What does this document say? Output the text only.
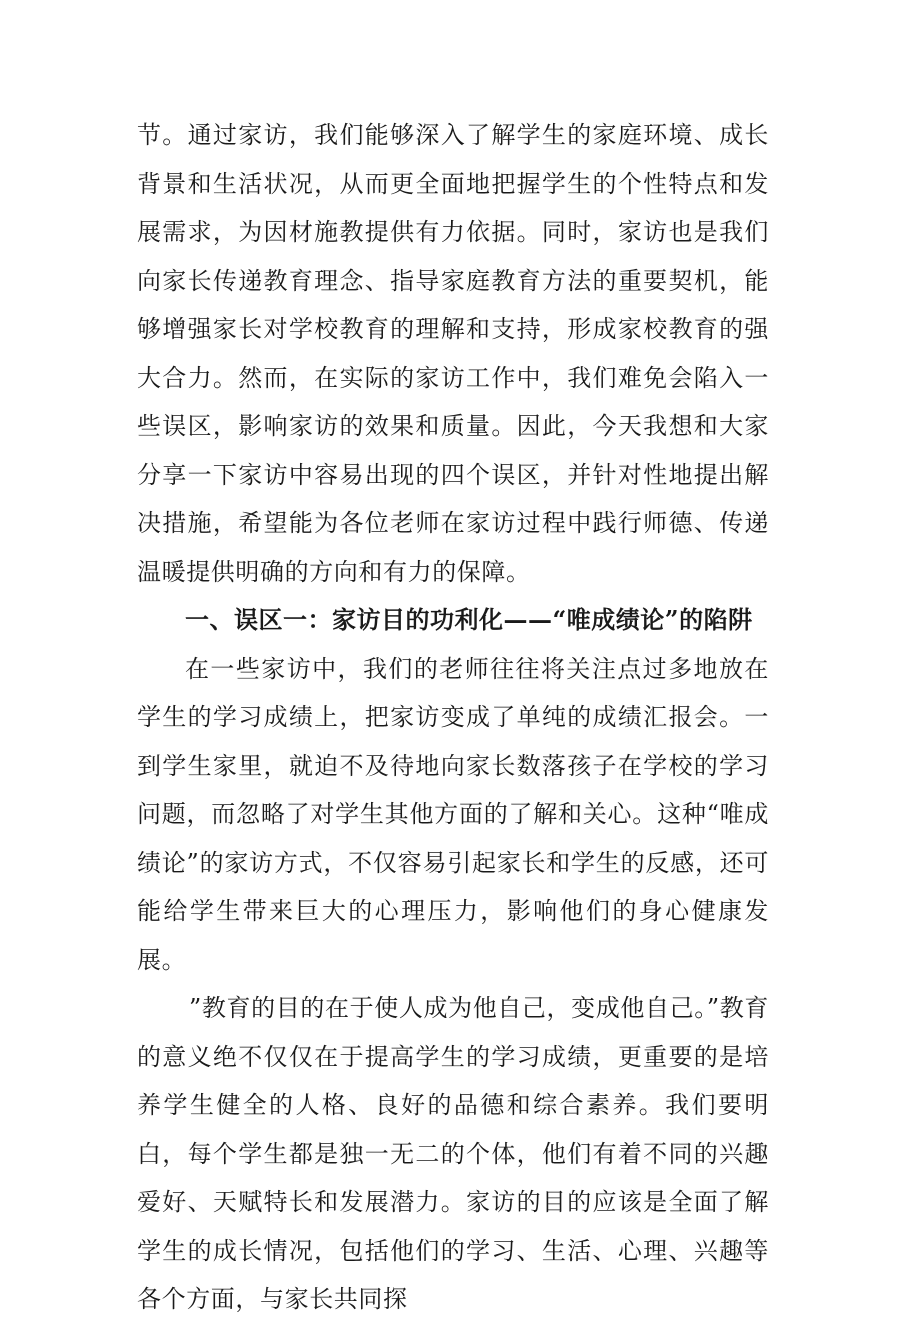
节。通过家访，我们能够深入了解学生的家庭环境、成长背景和生活状况，从而更全面地把握学生的个性特点和发展需求，为因材施教提供有力依据。同时，家访也是我们向家长传递教育理念、指导家庭教育方法的重要契机，能够增强家长对学校教育的理解和支持，形成家校教育的强大合力。然而，在实际的家访工作中，我们难免会陷入一些误区，影响家访的效果和质量。因此，今天我想和大家分享一下家访中容易出现的四个误区，并针对性地提出解决措施，希望能为各位老师在家访过程中践行师德、传递温暖提供明确的方向和有力的保障。

一、误区一：家访目的功利化——“唯成绩论”的陷阱

在一些家访中，我们的老师往往将关注点过多地放在学生的学习成绩上，把家访变成了单纯的成绩汇报会。一到学生家里，就迫不及待地向家长数落孩子在学校的学习问题，而忽略了对学生其他方面的了解和关心。这种“唯成绩论”的家访方式，不仅容易引起家长和学生的反感，还可能给学生带来巨大的心理压力，影响他们的身心健康发展。

”教育的目的在于使人成为他自己，变成他自己。”教育的意义绝不仅仅在于提高学生的学习成绩，更重要的是培养学生健全的人格、良好的品德和综合素养。我们要明白，每个学生都是独一无二的个体，他们有着不同的兴趣爱好、天赋特长和发展潜力。家访的目的应该是全面了解学生的成长情况，包括他们的学习、生活、心理、兴趣等各个方面，与家长共同探
